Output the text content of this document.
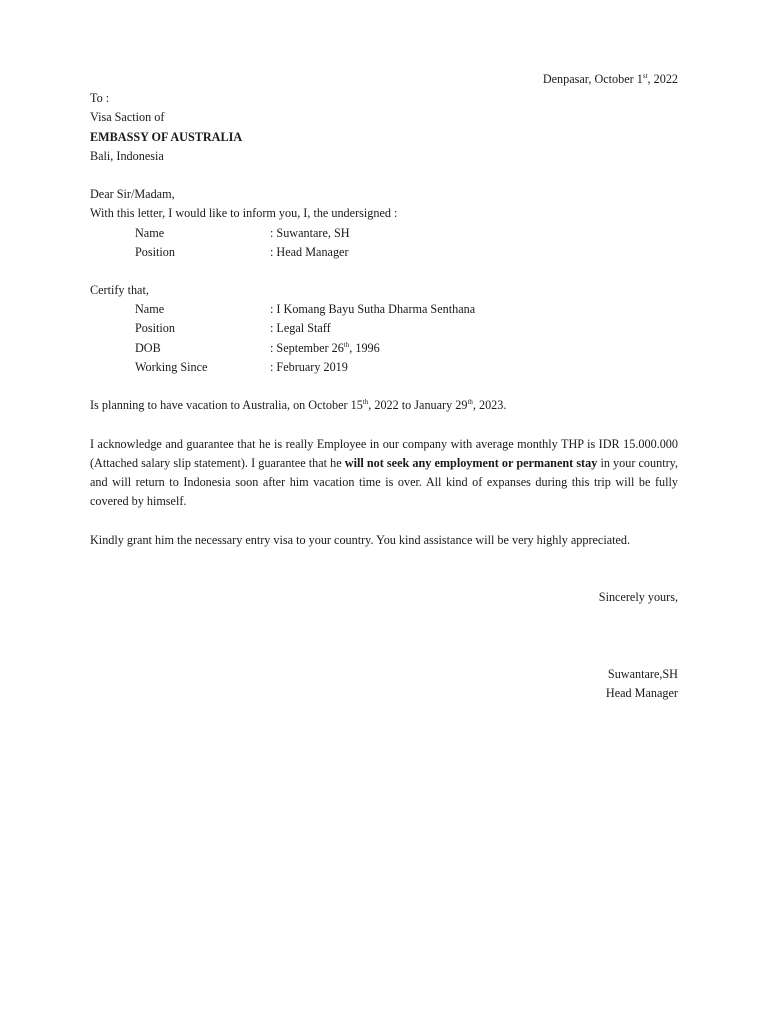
Denpasar, October 1st, 2022
To :
Visa Saction of
EMBASSY OF AUSTRALIA
Bali, Indonesia
Dear Sir/Madam,
With this letter, I would like to inform you, I, the undersigned :
Name	: Suwantare, SH
Position	: Head Manager
Certify that,
Name	: I Komang Bayu Sutha Dharma Senthana
Position	: Legal Staff
DOB	: September 26th, 1996
Working Since	: February 2019
Is planning to have vacation to Australia, on October 15th, 2022 to January 29th, 2023.
I acknowledge and guarantee that he is really Employee in our company with average monthly THP is IDR 15.000.000 (Attached salary slip statement). I guarantee that he will not seek any employment or permanent stay in your country, and will return to Indonesia soon after him vacation time is over. All kind of expanses during this trip will be fully covered by himself.
Kindly grant him the necessary entry visa to your country. You kind assistance will be very highly appreciated.
Sincerely yours,
Suwantare,SH
Head Manager
